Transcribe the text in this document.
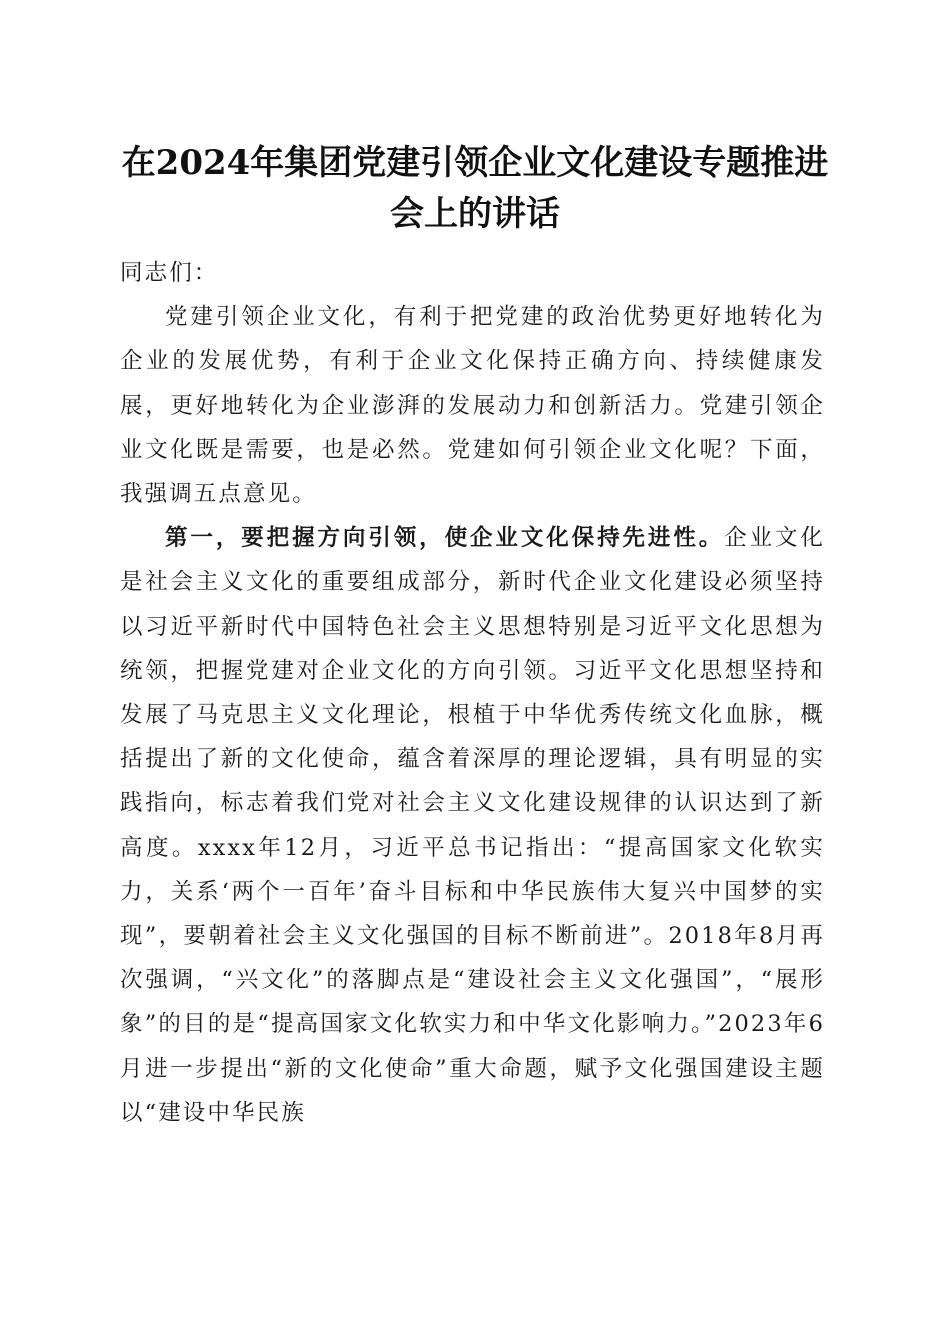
在2024年集团党建引领企业文化建设专题推进会上的讲话

同志们：

党建引领企业文化，有利于把党建的政治优势更好地转化为企业的发展优势，有利于企业文化保持正确方向、持续健康发展，更好地转化为企业澎湃的发展动力和创新活力。党建引领企业文化既是需要，也是必然。党建如何引领企业文化呢？下面，我强调五点意见。

第一，要把握方向引领，使企业文化保持先进性。企业文化是社会主义文化的重要组成部分，新时代企业文化建设必须坚持以习近平新时代中国特色社会主义思想特别是习近平文化思想为统领，把握党建对企业文化的方向引领。习近平文化思想坚持和发展了马克思主义文化理论，根植于中华优秀传统文化血脉，概括提出了新的文化使命，蕴含着深厚的理论逻辑，具有明显的实践指向，标志着我们党对社会主义文化建设规律的认识达到了新高度。xxxx年12月，习近平总书记指出：“提高国家文化软实力，关系‘两个一百年’奋斗目标和中华民族伟大复兴中国梦的实现”，要朝着社会主义文化强国的目标不断前进”。2018年8月再次强调，“兴文化”的落脚点是“建设社会主义文化强国”，“展形象”的目的是“提高国家文化软实力和中华文化影响力。”2023年6月进一步提出“新的文化使命”重大命题，赋予文化强国建设主题以“建设中华民族
